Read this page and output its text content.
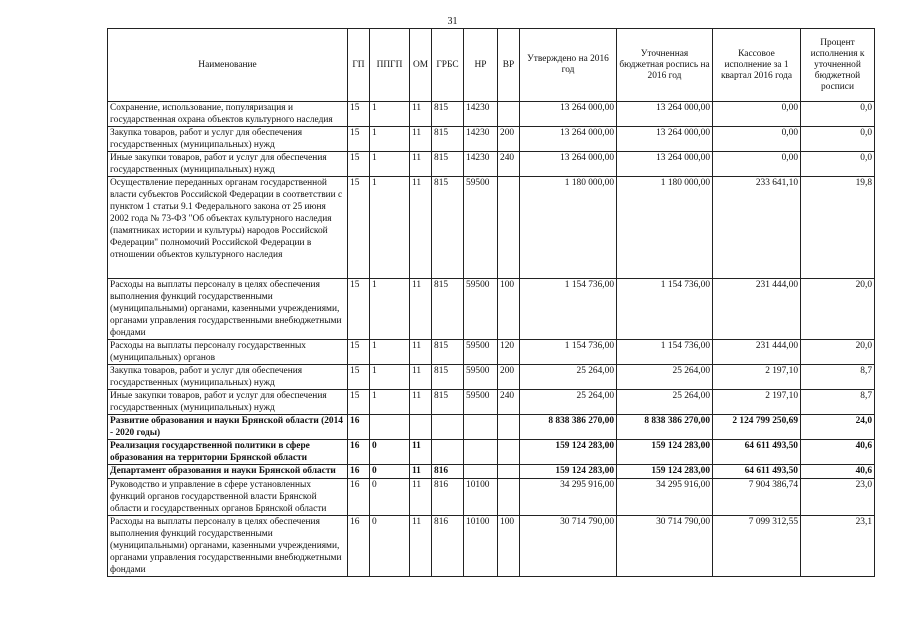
31
Наименование	ГП	ППГП	ОМ	ГРБС	НР	ВР	Утверждено на 2016 год	Уточненная бюджетная роспись на 2016 год	Кассовое исполнение за 1 квартал 2016 года	Процент исполнения к уточненной бюджетной росписи
Сохранение, использование, популяризация и государственная охрана объектов культурного наследия	15	1	11	815	14230		13 264 000,00	13 264 000,00	0,00	0,0
Закупка товаров, работ и услуг для обеспечения государственных (муниципальных) нужд	15	1	11	815	14230	200	13 264 000,00	13 264 000,00	0,00	0,0
Иные закупки товаров, работ и услуг для обеспечения государственных (муниципальных) нужд	15	1	11	815	14230	240	13 264 000,00	13 264 000,00	0,00	0,0
Осуществление переданных органам государственной власти субъектов Российской Федерации в соответствии с пунктом 1 статьи 9.1 Федерального закона от 25 июня 2002 года № 73-ФЗ "Об объектах культурного наследия (памятниках истории и культуры) народов Российской Федерации" полномочий Российской Федерации в отношении объектов культурного наследия	15	1	11	815	59500		1 180 000,00	1 180 000,00	233 641,10	19,8
Расходы на выплаты персоналу в целях обеспечения выполнения функций государственными (муниципальными) органами, казенными учреждениями, органами управления государственными внебюджетными фондами	15	1	11	815	59500	100	1 154 736,00	1 154 736,00	231 444,00	20,0
Расходы на выплаты персоналу государственных (муниципальных) органов	15	1	11	815	59500	120	1 154 736,00	1 154 736,00	231 444,00	20,0
Закупка товаров, работ и услуг для обеспечения государственных (муниципальных) нужд	15	1	11	815	59500	200	25 264,00	25 264,00	2 197,10	8,7
Иные закупки товаров, работ и услуг для обеспечения государственных (муниципальных) нужд	15	1	11	815	59500	240	25 264,00	25 264,00	2 197,10	8,7
Развитие образования и науки Брянской области (2014 - 2020 годы)	16						8 838 386 270,00	8 838 386 270,00	2 124 799 250,69	24,0
Реализация государственной политики в сфере образования на территории Брянской области	16	0	11				159 124 283,00	159 124 283,00	64 611 493,50	40,6
Департамент образования и науки Брянской области	16	0	11	816			159 124 283,00	159 124 283,00	64 611 493,50	40,6
Руководство и управление в сфере установленных функций органов государственной власти Брянской области и государственных органов Брянской области	16	0	11	816	10100		34 295 916,00	34 295 916,00	7 904 386,74	23,0
Расходы на выплаты персоналу в целях обеспечения выполнения функций государственными (муниципальными) органами, казенными учреждениями, органами управления государственными внебюджетными фондами	16	0	11	816	10100	100	30 714 790,00	30 714 790,00	7 099 312,55	23,1
